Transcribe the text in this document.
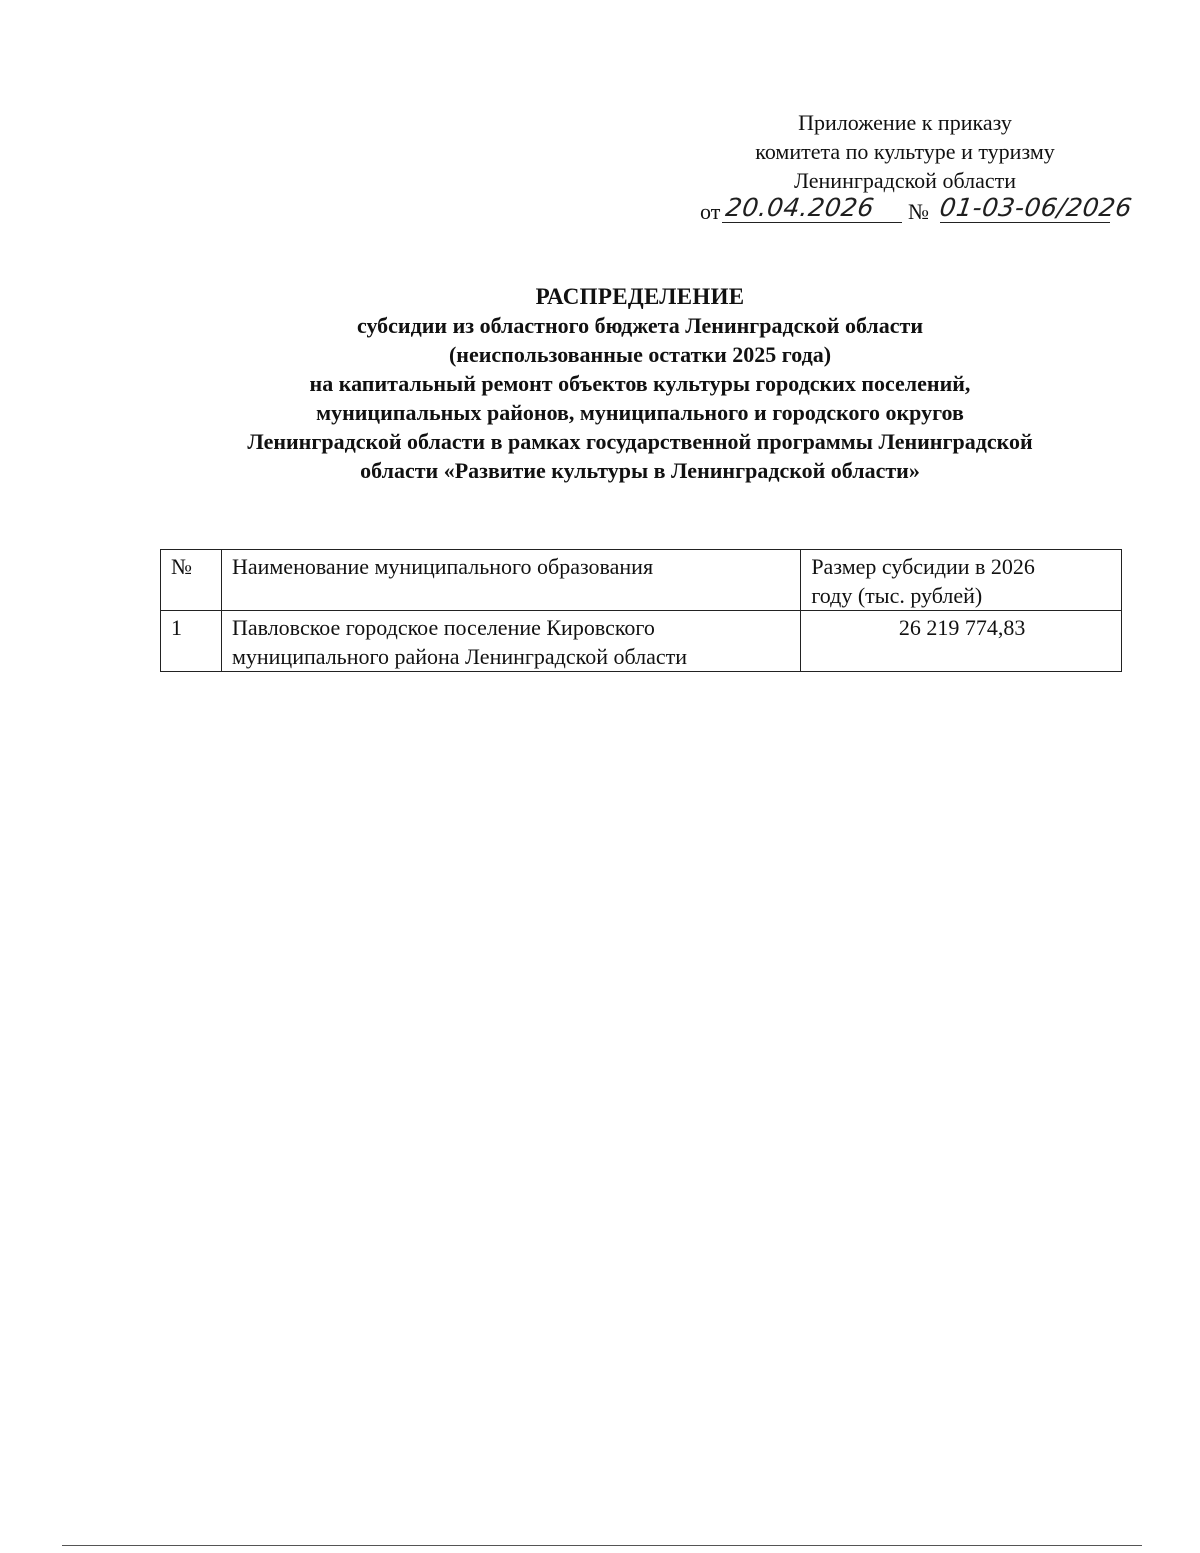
Приложение к приказу
комитета по культуре и туризму
Ленинградской области
от 20.04.2026 № 01-03-06/2026
РАСПРЕДЕЛЕНИЕ
субсидии из областного бюджета Ленинградской области
(неиспользованные остатки 2025 года)
на капитальный ремонт объектов культуры городских поселений,
муниципальных районов, муниципального и городского округов
Ленинградской области в рамках государственной программы Ленинградской
области «Развитие культуры в Ленинградской области»
№	Наименование муниципального образования	Размер субсидии в 2026
году (тыс. рублей)
1	Павловское городское поселение Кировского
муниципального района Ленинградской области	26 219 774,83
